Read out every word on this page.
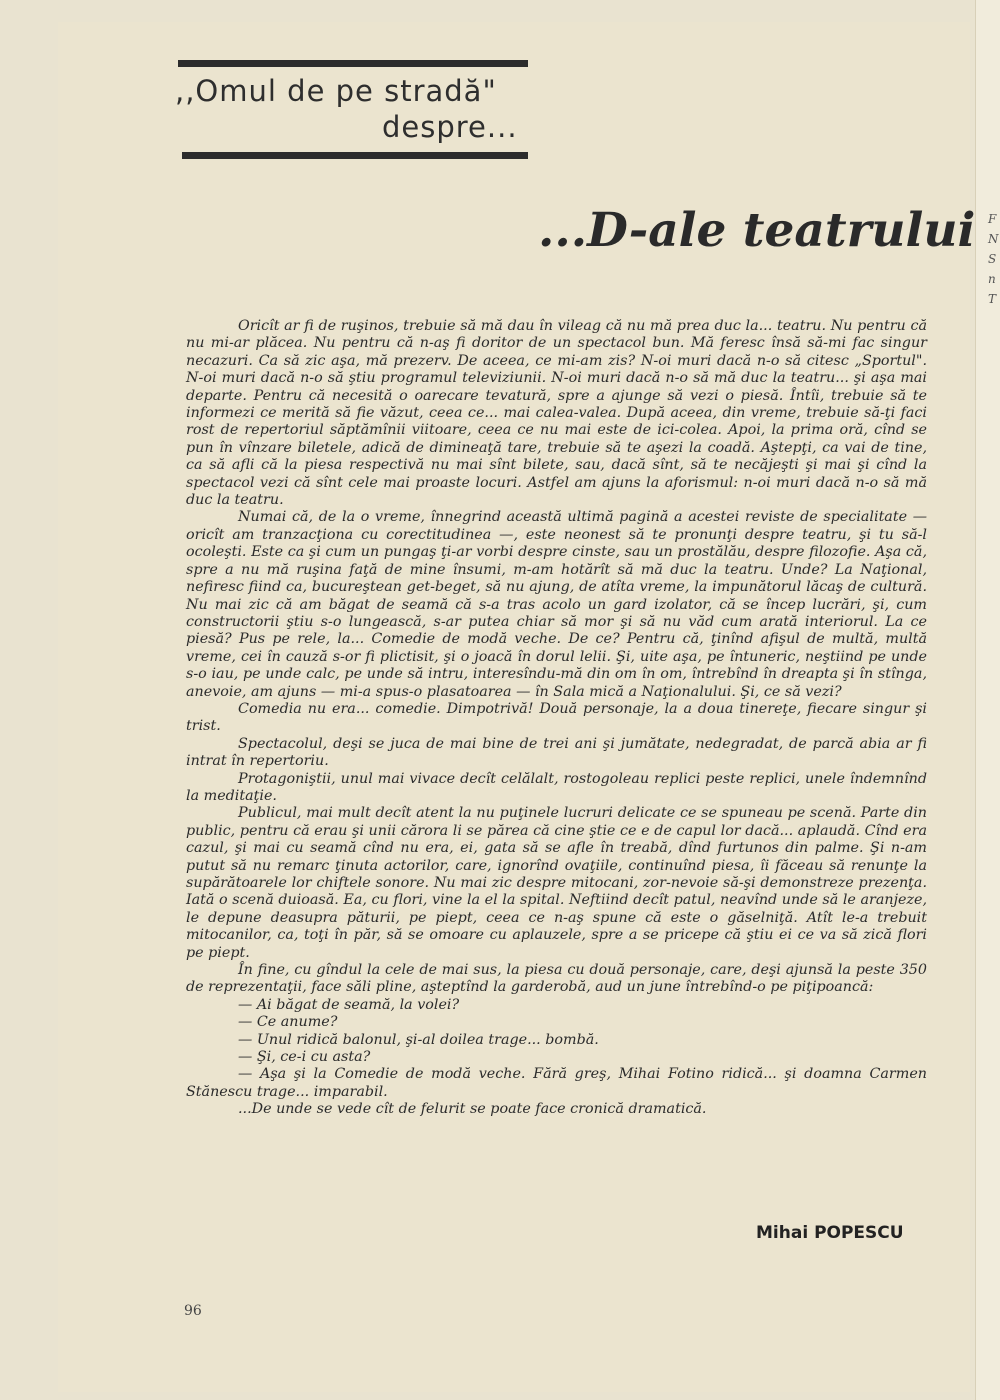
F
N
S
n
T
,,Omul de pe stradă"
despre...
...D-ale teatrului

Oricît ar fi de ruşinos, trebuie să mă dau în vileag că nu mă prea duc la... teatru. Nu pentru că nu mi-ar plăcea. Nu pentru că n-aş fi doritor de un spectacol bun. Mă feresc însă să-mi fac singur necazuri. Ca să zic aşa, mă prezerv. De aceea, ce mi-am zis? N-oi muri dacă n-o să citesc „Sportul". N-oi muri dacă n-o să ştiu programul televiziunii. N-oi muri dacă n-o să mă duc la teatru... şi aşa mai departe. Pentru că necesită o oarecare tevatură, spre a ajunge să vezi o piesă. Întîi, trebuie să te informezi ce merită să fie văzut, ceea ce... mai calea-valea. După aceea, din vreme, trebuie să-ţi faci rost de repertoriul săptămînii viitoare, ceea ce nu mai este de ici-colea. Apoi, la prima oră, cînd se pun în vînzare biletele, adică de dimineaţă tare, trebuie să te aşezi la coadă. Aştepţi, ca vai de tine, ca să afli că la piesa respectivă nu mai sînt bilete, sau, dacă sînt, să te necăjeşti şi mai şi cînd la spectacol vezi că sînt cele mai proaste locuri. Astfel am ajuns la aforismul: n-oi muri dacă n-o să mă duc la teatru.

Numai că, de la o vreme, înnegrind această ultimă pagină a acestei reviste de specialitate — oricît am tranzacţiona cu corectitudinea —, este neonest să te pronunţi despre teatru, şi tu să-l ocoleşti. Este ca şi cum un pungaş ţi-ar vorbi despre cinste, sau un prostălău, despre filozofie. Aşa că, spre a nu mă ruşina faţă de mine însumi, m-am hotărît să mă duc la teatru. Unde? La Naţional, nefiresc fiind ca, bucureştean get-beget, să nu ajung, de atîta vreme, la impunătorul lăcaş de cultură. Nu mai zic că am băgat de seamă că s-a tras acolo un gard izolator, că se încep lucrări, şi, cum constructorii ştiu s-o lungească, s-ar putea chiar să mor şi să nu văd cum arată interiorul. La ce piesă? Pus pe rele, la... Comedie de modă veche. De ce? Pentru că, ţinînd afişul de multă, multă vreme, cei în cauză s-or fi plictisit, şi o joacă în dorul lelii. Şi, uite aşa, pe întuneric, neştiind pe unde s-o iau, pe unde calc, pe unde să intru, interesîndu-mă din om în om, întrebînd în dreapta şi în stînga, anevoie, am ajuns — mi-a spus-o plasatoarea — în Sala mică a Naţionalului. Şi, ce să vezi?

Comedia nu era... comedie. Dimpotrivă! Două personaje, la a doua tinereţe, fiecare singur şi trist.

Spectacolul, deşi se juca de mai bine de trei ani şi jumătate, nedegradat, de parcă abia ar fi intrat în repertoriu.

Protagoniştii, unul mai vivace decît celălalt, rostogoleau replici peste replici, unele îndemnînd la meditaţie.

Publicul, mai mult decît atent la nu puţinele lucruri delicate ce se spuneau pe scenă. Parte din public, pentru că erau şi unii cărora li se părea că cine ştie ce e de capul lor dacă... aplaudă. Cînd era cazul, şi mai cu seamă cînd nu era, ei, gata să se afle în treabă, dînd furtunos din palme. Şi n-am putut să nu remarc ţinuta actorilor, care, ignorînd ovaţiile, continuînd piesa, îi făceau să renunţe la supărătoarele lor chiftele sonore. Nu mai zic despre mitocani, zor-nevoie să-şi demonstreze prezenţa. Iată o scenă duioasă. Ea, cu flori, vine la el la spital. Neftiind decît patul, neavînd unde să le aranjeze, le depune deasupra păturii, pe piept, ceea ce n-aş spune că este o găselniţă. Atît le-a trebuit mitocanilor, ca, toţi în păr, să se omoare cu aplauzele, spre a se pricepe că ştiu ei ce va să zică flori pe piept.

În fine, cu gîndul la cele de mai sus, la piesa cu două personaje, care, deşi ajunsă la peste 350 de reprezentaţii, face săli pline, aşteptînd la garderobă, aud un june întrebînd-o pe piţipoancă:

— Ai băgat de seamă, la volei?

— Ce anume?

— Unul ridică balonul, şi-al doilea trage... bombă.

— Şi, ce-i cu asta?

— Aşa şi la Comedie de modă veche. Fără greş, Mihai Fotino ridică... şi doamna Carmen Stănescu trage... imparabil.

...De unde se vede cît de felurit se poate face cronică dramatică.

Mihai POPESCU
96
